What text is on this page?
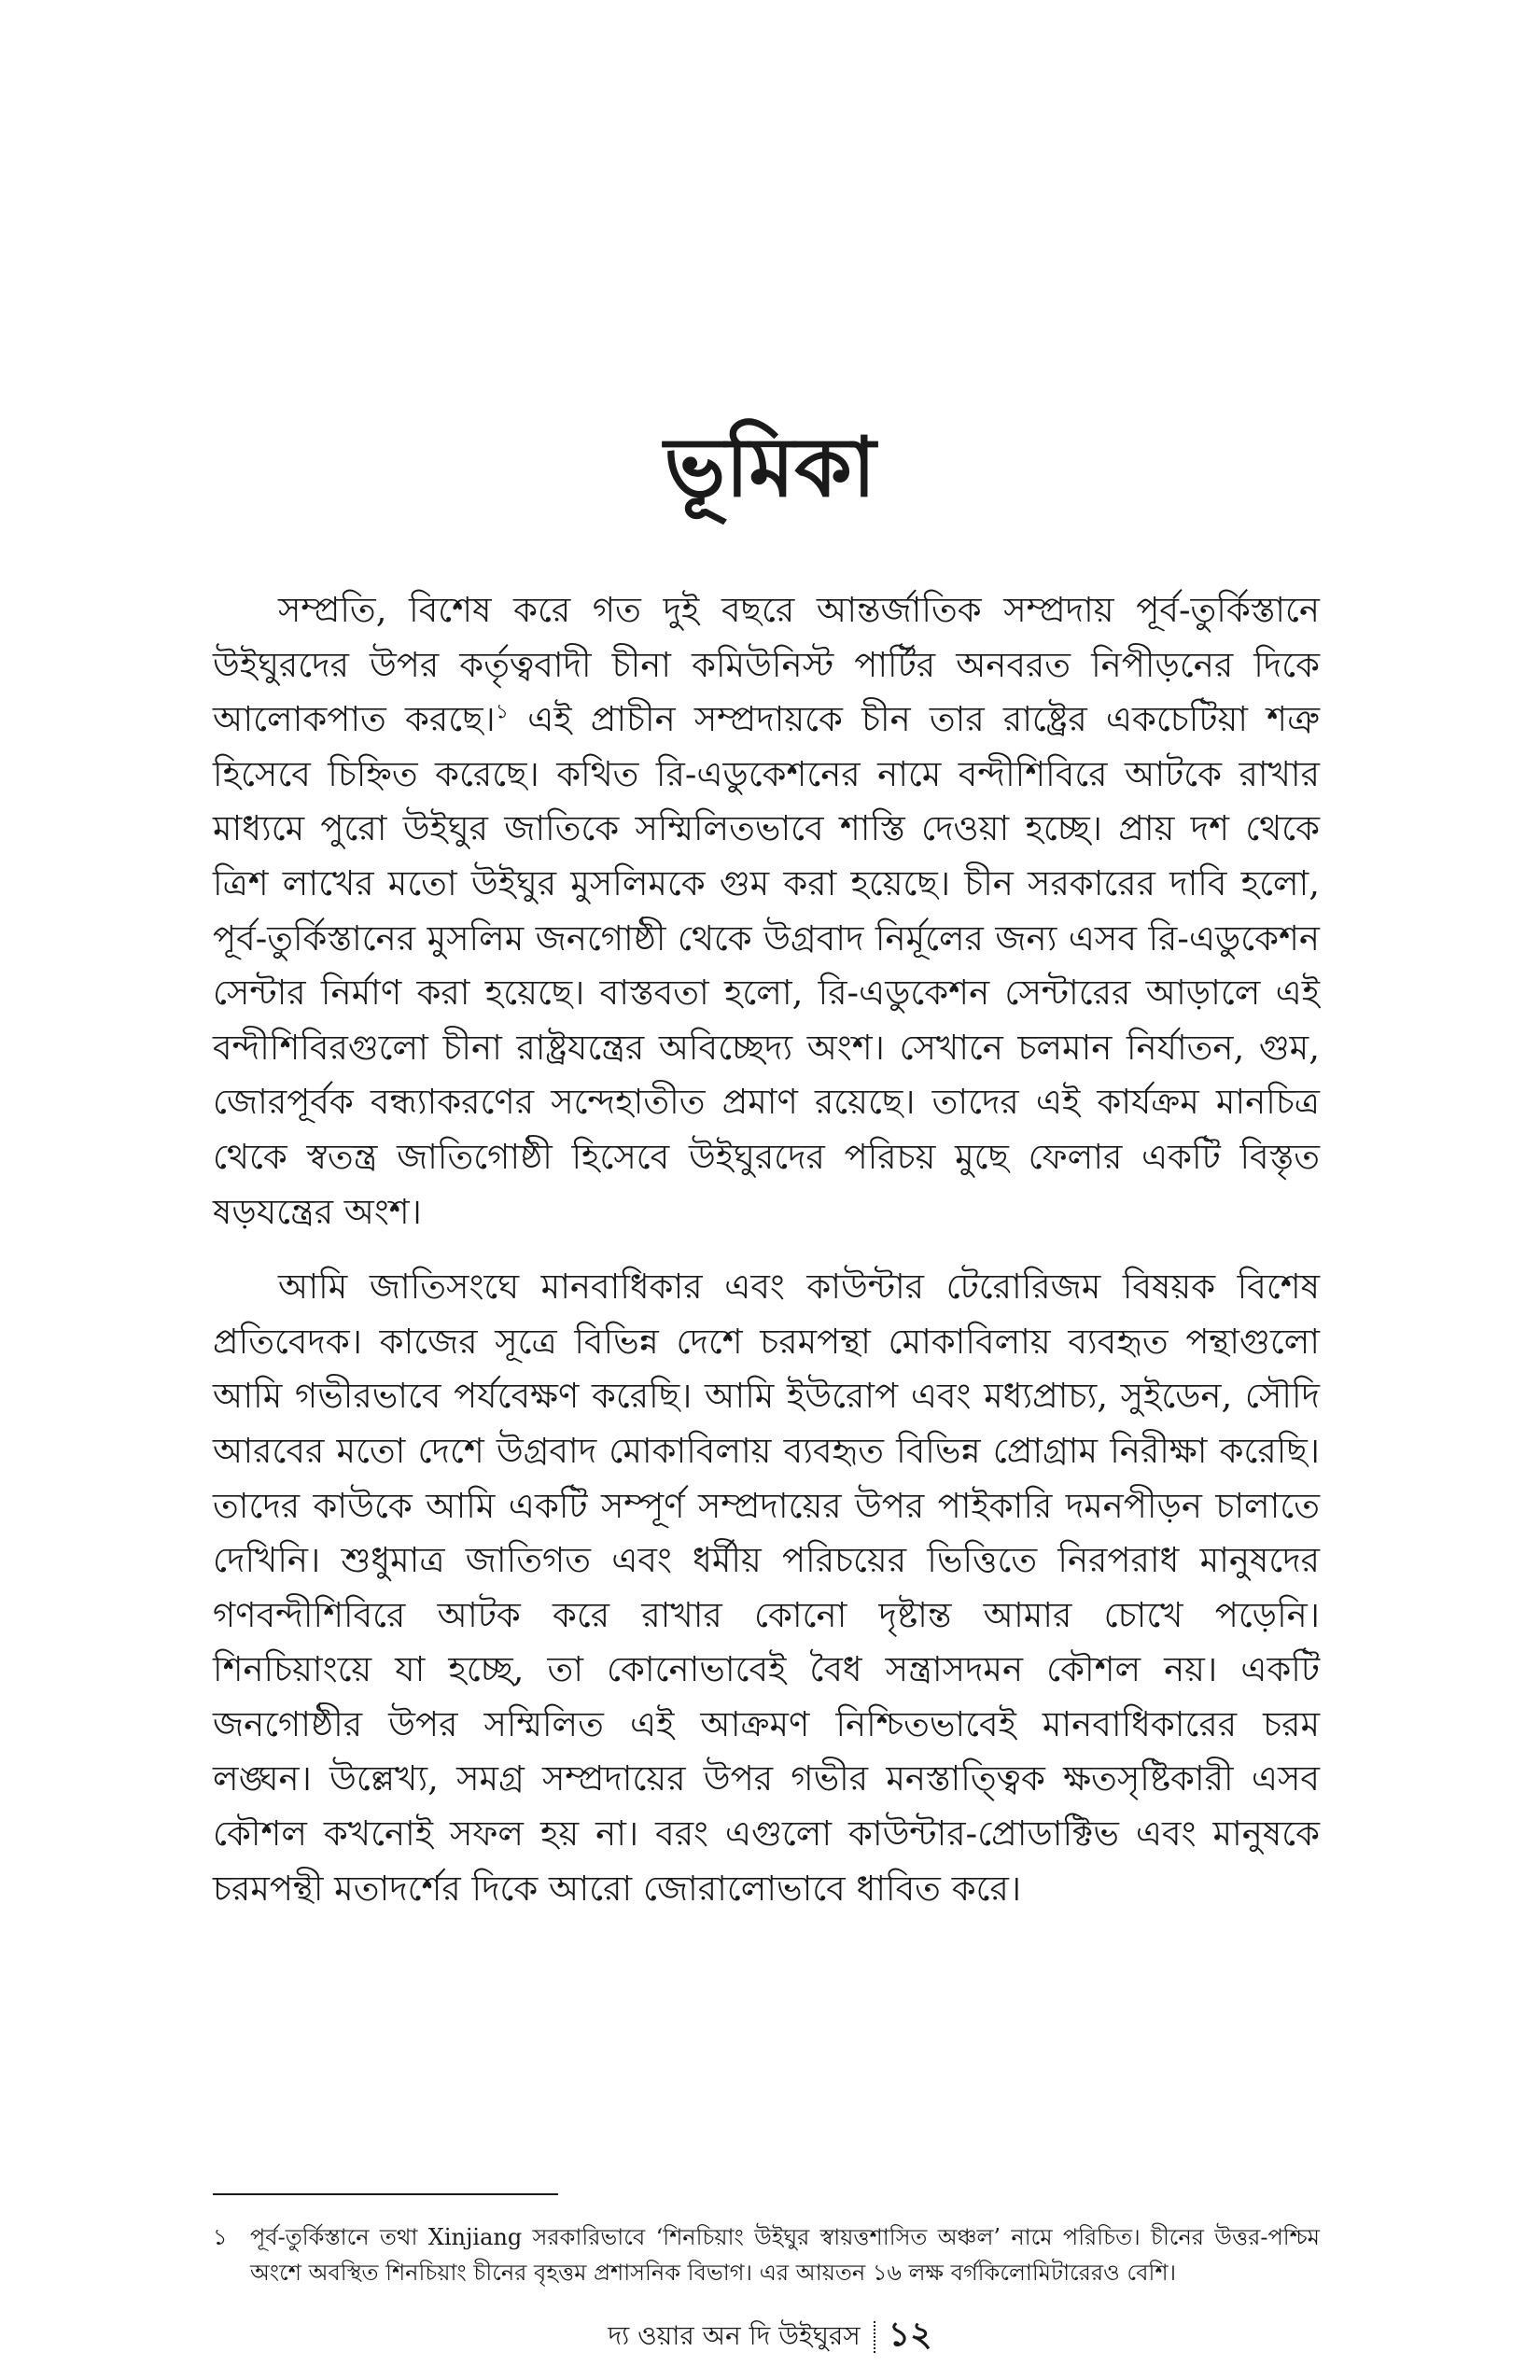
ভূমিকা

সম্প্রতি, বিশেষ করে গত দুই বছরে আন্তর্জাতিক সম্প্রদায় পূর্ব-তুর্কিস্তানে উইঘুরদের উপর কর্তৃত্ববাদী চীনা কমিউনিস্ট পার্টির অনবরত নিপীড়নের দিকে আলোকপাত করছে।$^১$ এই প্রাচীন সম্প্রদায়কে চীন তার রাষ্ট্রের একচেটিয়া শত্রু হিসেবে চিহ্নিত করেছে। কথিত রি-এডুকেশনের নামে বন্দীশিবিরে আটকে রাখার মাধ্যমে পুরো উইঘুর জাতিকে সম্মিলিতভাবে শাস্তি দেওয়া হচ্ছে। প্রায় দশ থেকে ত্রিশ লাখের মতো উইঘুর মুসলিমকে গুম করা হয়েছে। চীন সরকারের দাবি হলো, পূর্ব-তুর্কিস্তানের মুসলিম জনগোষ্ঠী থেকে উগ্রবাদ নির্মূলের জন্য এসব রি-এডুকেশন সেন্টার নির্মাণ করা হয়েছে। বাস্তবতা হলো, রি-এডুকেশন সেন্টারের আড়ালে এই বন্দীশিবিরগুলো চীনা রাষ্ট্রযন্ত্রের অবিচ্ছেদ্য অংশ। সেখানে চলমান নির্যাতন, গুম, জোরপূর্বক বন্ধ্যাকরণের সন্দেহাতীত প্রমাণ রয়েছে। তাদের এই কার্যক্রম মানচিত্র থেকে স্বতন্ত্র জাতিগোষ্ঠী হিসেবে উইঘুরদের পরিচয় মুছে ফেলার একটি বিস্তৃত ষড়যন্ত্রের অংশ।

আমি জাতিসংঘে মানবাধিকার এবং কাউন্টার টেরোরিজম বিষয়ক বিশেষ প্রতিবেদক। কাজের সূত্রে বিভিন্ন দেশে চরমপন্থা মোকাবিলায় ব্যবহৃত পন্থাগুলো আমি গভীরভাবে পর্যবেক্ষণ করেছি। আমি ইউরোপ এবং মধ্যপ্রাচ্য, সুইডেন, সৌদি আরবের মতো দেশে উগ্রবাদ মোকাবিলায় ব্যবহৃত বিভিন্ন প্রোগ্রাম নিরীক্ষা করেছি। তাদের কাউকে আমি একটি সম্পূর্ণ সম্প্রদায়ের উপর পাইকারি দমনপীড়ন চালাতে দেখিনি। শুধুমাত্র জাতিগত এবং ধর্মীয় পরিচয়ের ভিত্তিতে নিরপরাধ মানুষদের গণবন্দীশিবিরে আটক করে রাখার কোনো দৃষ্টান্ত আমার চোখে পড়েনি। শিনচিয়াংয়ে যা হচ্ছে, তা কোনোভাবেই বৈধ সন্ত্রাসদমন কৌশল নয়। একটি জনগোষ্ঠীর উপর সম্মিলিত এই আক্রমণ নিশ্চিতভাবেই মানবাধিকারের চরম লঙ্ঘন। উল্লেখ্য, সমগ্র সম্প্রদায়ের উপর গভীর মনস্তাত্ত্বিক ক্ষতসৃষ্টিকারী এসব কৌশল কখনোই সফল হয় না। বরং এগুলো কাউন্টার-প্রোডাক্টিভ এবং মানুষকে চরমপন্থী মতাদর্শের দিকে আরো জোরালোভাবে ধাবিত করে।

১	পূর্ব-তুর্কিস্তানে তথা Xinjiang সরকারিভাবে ‘শিনচিয়াং উইঘুর স্বায়ত্তশাসিত অঞ্চল’ নামে পরিচিত। চীনের উত্তর-পশ্চিম অংশে অবস্থিত শিনচিয়াং চীনের বৃহত্তম প্রশাসনিক বিভাগ। এর আয়তন ১৬ লক্ষ বর্গকিলোমিটারেরও বেশি।
দ্য ওয়ার অন দি উইঘুরস ১২
